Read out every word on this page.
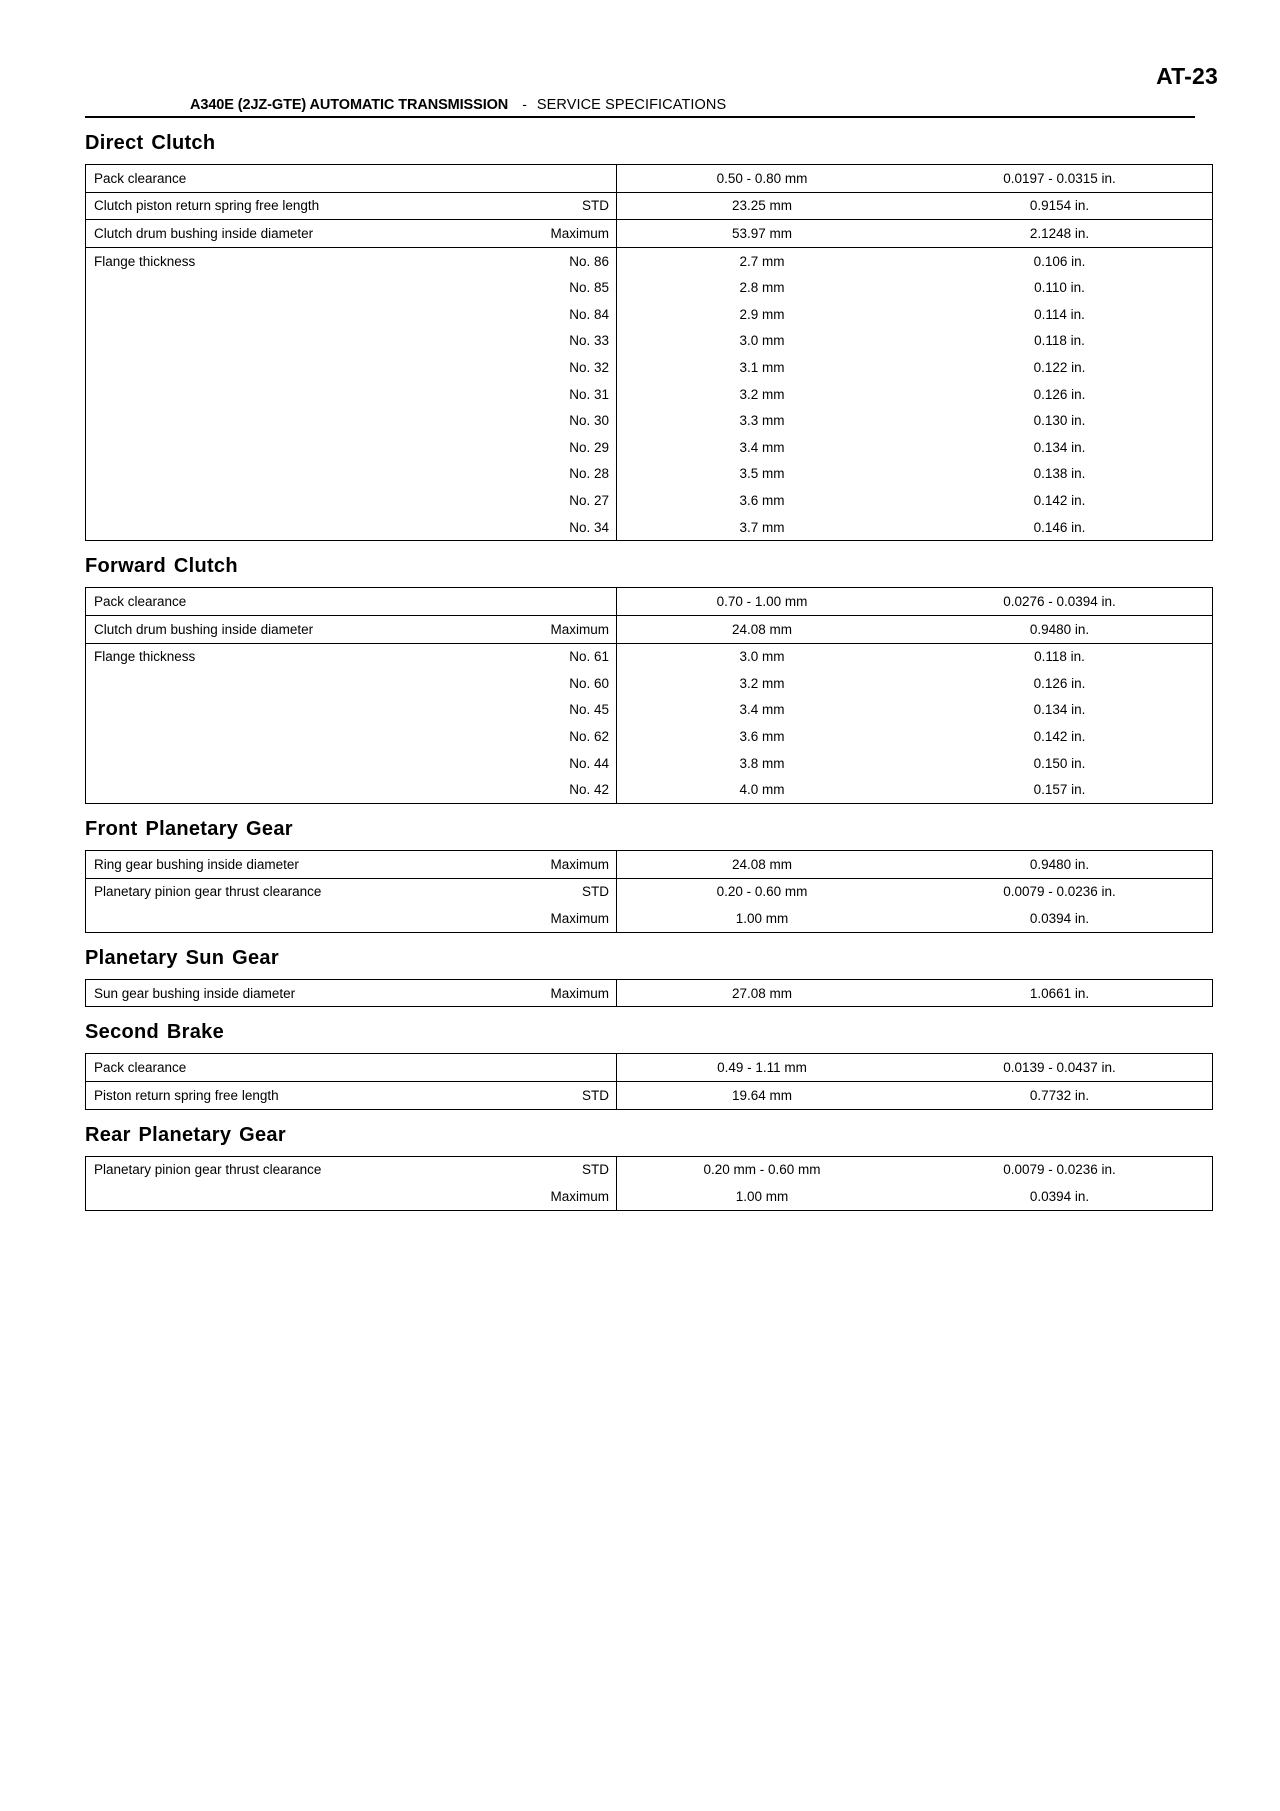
AT-23
A340E (2JZ-GTE) AUTOMATIC TRANSMISSION	- SERVICE SPECIFICATIONS
Direct Clutch
Pack clearance		0.50 - 0.80 mm	0.0197 - 0.0315 in.
Clutch piston return spring free length	STD	23.25 mm	0.9154 in.
Clutch drum bushing inside diameter	Maximum	53.97 mm	2.1248 in.
Flange thickness	No. 86	2.7 mm	0.106 in.
	No. 85	2.8 mm	0.110 in.
	No. 84	2.9 mm	0.114 in.
	No. 33	3.0 mm	0.118 in.
	No. 32	3.1 mm	0.122 in.
	No. 31	3.2 mm	0.126 in.
	No. 30	3.3 mm	0.130 in.
	No. 29	3.4 mm	0.134 in.
	No. 28	3.5 mm	0.138 in.
	No. 27	3.6 mm	0.142 in.
	No. 34	3.7 mm	0.146 in.
Forward Clutch
Pack clearance		0.70 - 1.00 mm	0.0276 - 0.0394 in.
Clutch drum bushing inside diameter	Maximum	24.08 mm	0.9480 in.
Flange thickness	No. 61	3.0 mm	0.118 in.
	No. 60	3.2 mm	0.126 in.
	No. 45	3.4 mm	0.134 in.
	No. 62	3.6 mm	0.142 in.
	No. 44	3.8 mm	0.150 in.
	No. 42	4.0 mm	0.157 in.
Front Planetary Gear
Ring gear bushing inside diameter	Maximum	24.08 mm	0.9480 in.
Planetary pinion gear thrust clearance	STD	0.20 - 0.60 mm	0.0079 - 0.0236 in.
	Maximum	1.00 mm	0.0394 in.
Planetary Sun Gear
Sun gear bushing inside diameter	Maximum	27.08 mm	1.0661 in.
Second Brake
Pack clearance		0.49 - 1.11 mm	0.0139 - 0.0437 in.
Piston return spring free length	STD	19.64 mm	0.7732 in.
Rear Planetary Gear
Planetary pinion gear thrust clearance	STD	0.20 mm - 0.60 mm	0.0079 - 0.0236 in.
	Maximum	1.00 mm	0.0394 in.
